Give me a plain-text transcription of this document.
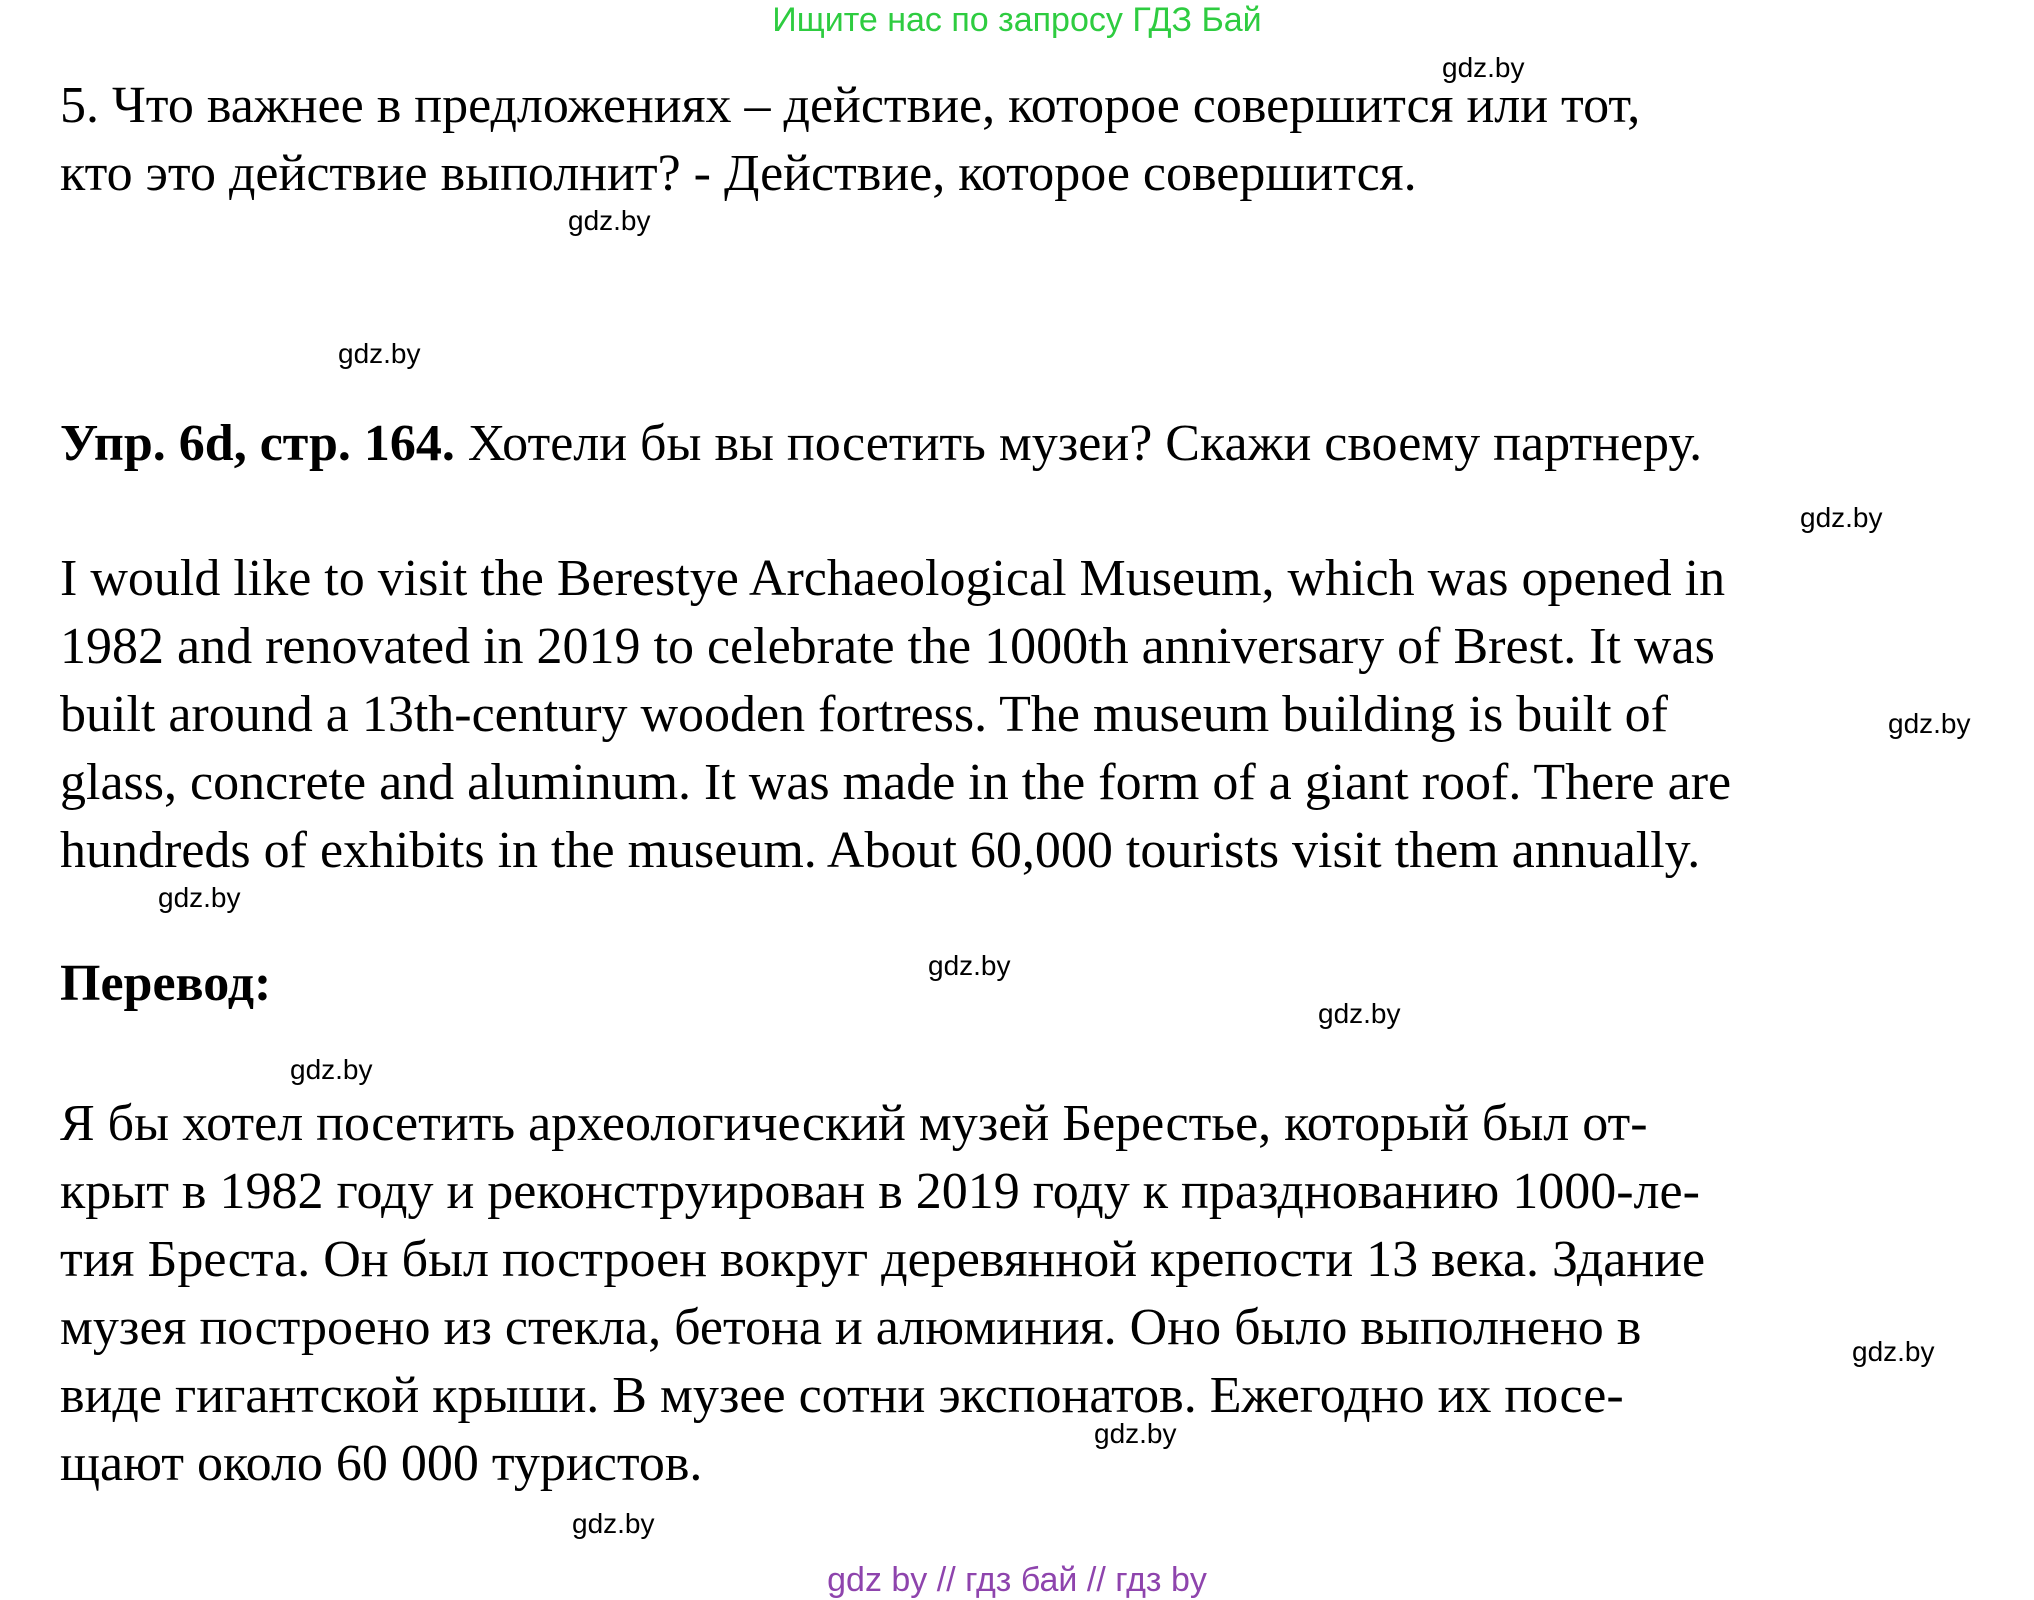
Ищите нас по запросу ГДЗ Бай
5. Что важнее в предложениях – действие, которое совершится или тот,
кто это действие выполнит? - Действие, которое совершится.
Упр. 6d, стр. 164. Хотели бы вы посетить музеи? Скажи своему партнеру.
I would like to visit the Berestye Archaeological Museum, which was opened in
1982 and renovated in 2019 to celebrate the 1000th anniversary of Brest. It was
built around a 13th-century wooden fortress. The museum building is built of
glass, concrete and aluminum. It was made in the form of a giant roof. There are
hundreds of exhibits in the museum. About 60,000 tourists visit them annually.
Перевод:
Я бы хотел посетить археологический музей Берестье, который был от-
крыт в 1982 году и реконструирован в 2019 году к празднованию 1000-ле-
тия Бреста. Он был построен вокруг деревянной крепости 13 века. Здание
музея построено из стекла, бетона и алюминия. Оно было выполнено в
виде гигантской крыши. В музее сотни экспонатов. Ежегодно их посе-
щают около 60 000 туристов.
gdz.by
gdz.by
gdz.by
gdz.by
gdz.by
gdz.by
gdz.by
gdz.by
gdz.by
gdz.by
gdz.by
gdz.by
gdz by // гдз бай // гдз by
